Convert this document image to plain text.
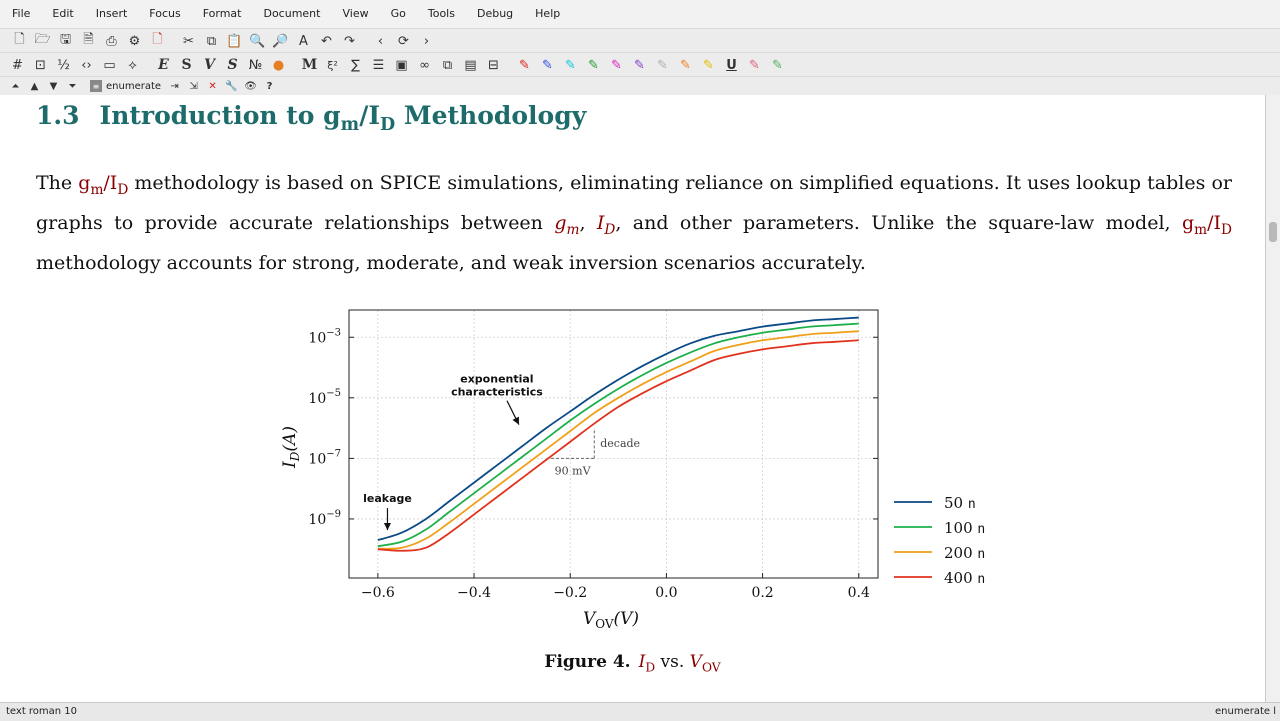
File	Edit	Insert	Focus	Format	Document	View	Go	Tools	Debug	Help
🗋 🗁 🖫 🗎 ⎙ ⚙ 🗋	✂ ⧉ 📋 🔍 🔎 A	↶ ↷	‹	⟳	›
# ⊡ ½ ‹› ▭ ⟡	E S V S № ●	M ξ²	∑ ☰ ▣ ∞ ⧉ ▤ ⊟	✎ ✎ ✎ ✎ ✎ ✎ ✎ ✎ ✎ U ✎ ✎
⏶	▲	▼	⏷	≡ enumerate ⇥	⇲	✕ 🔧 👁 ?
1.3 Introduction to $g_m/I_D$ Methodology
The $g_m/I_D$ methodology is based on SPICE simulations, eliminating reliance on simplified equations. It uses lookup tables or graphs to provide accurate relationships between $g_m$, $I_D$, and other parameters. Unlike the square-law model, $g_m/I_D$ methodology accounts for strong, moderate, and weak inversion scenarios accurately.
−0.6	−0.4	−0.2	0.0	0.2	0.4
$10^{-9}$
$10^{-7}$
$10^{-5}$
$10^{-3}$
exponential
characteristics
leakage
decade
90 mV
$V_{OV}(V)$
$I_D(A)$
50 n
100 n
200 n
400 n
Figure 4. $I_D$ vs. $V_{OV}$
text roman 10	enumerate l
